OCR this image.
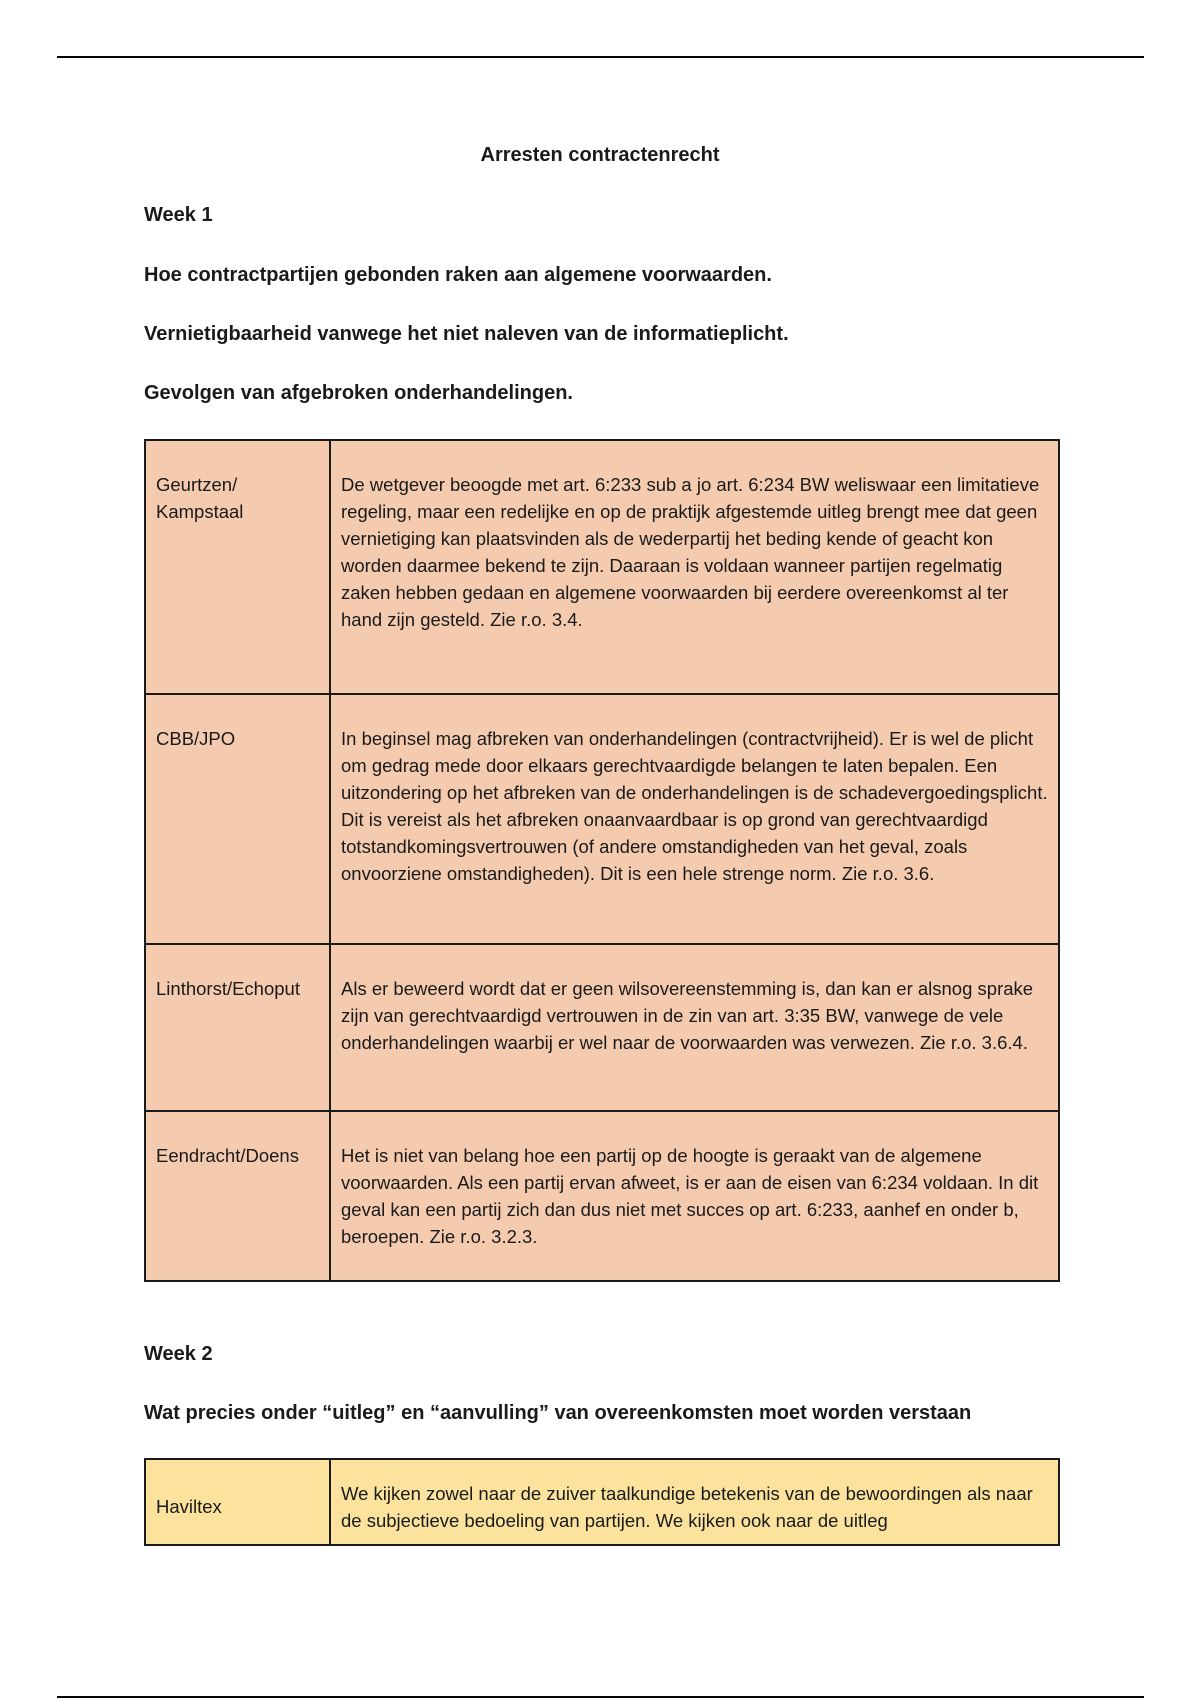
Arresten contractenrecht
Week 1
Hoe contractpartijen gebonden raken aan algemene voorwaarden.
Vernietigbaarheid vanwege het niet naleven van de informatieplicht.
Gevolgen van afgebroken onderhandelingen.
Geurtzen/
Kampstaal	De wetgever beoogde met art. 6:233 sub a jo art. 6:234 BW weliswaar een limitatieve regeling, maar een redelijke en op de praktijk afgestemde uitleg brengt mee dat geen vernietiging kan plaatsvinden als de wederpartij het beding kende of geacht kon worden daarmee bekend te zijn. Daaraan is voldaan wanneer partijen regelmatig zaken hebben gedaan en algemene voorwaarden bij eerdere overeenkomst al ter hand zijn gesteld. Zie r.o. 3.4.
CBB/JPO	In beginsel mag afbreken van onderhandelingen (contractvrijheid). Er is wel de plicht om gedrag mede door elkaars gerechtvaardigde belangen te laten bepalen. Een uitzondering op het afbreken van de onderhandelingen is de schadevergoedingsplicht. Dit is vereist als het afbreken onaanvaardbaar is op grond van gerechtvaardigd totstandkomingsvertrouwen (of andere omstandigheden van het geval, zoals onvoorziene omstandigheden). Dit is een hele strenge norm. Zie r.o. 3.6.
Linthorst/Echoput	Als er beweerd wordt dat er geen wilsovereenstemming is, dan kan er alsnog sprake zijn van gerechtvaardigd vertrouwen in de zin van art. 3:35 BW, vanwege de vele onderhandelingen waarbij er wel naar de voorwaarden was verwezen. Zie r.o. 3.6.4.
Eendracht/Doens	Het is niet van belang hoe een partij op de hoogte is geraakt van de algemene voorwaarden. Als een partij ervan afweet, is er aan de eisen van 6:234 voldaan. In dit geval kan een partij zich dan dus niet met succes op art. 6:233, aanhef en onder b, beroepen. Zie r.o. 3.2.3.
Week 2
Wat precies onder “uitleg” en “aanvulling” van overeenkomsten moet worden verstaan
Haviltex	We kijken zowel naar de zuiver taalkundige betekenis van de bewoordingen als naar de subjectieve bedoeling van partijen. We kijken ook naar de uitleg
